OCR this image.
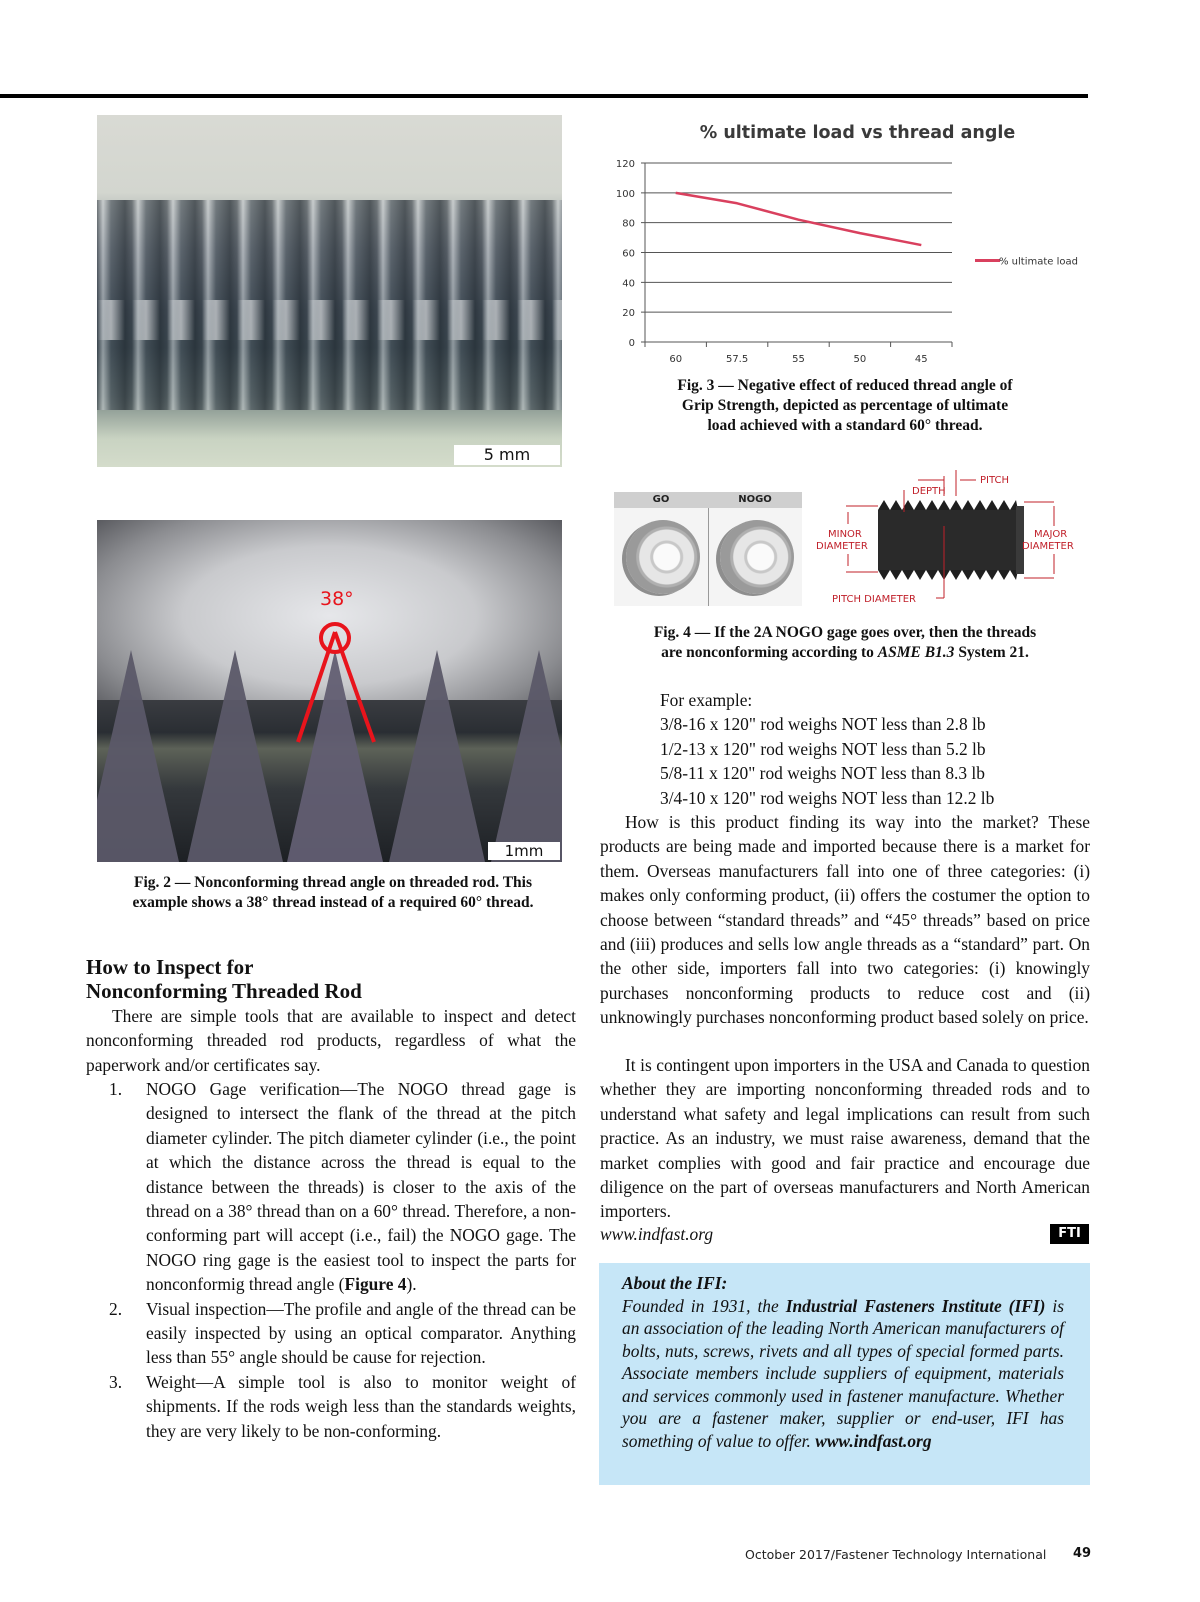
5 mm
38°
1mm
Fig. 2 — Nonconforming thread angle on threaded rod. This
example shows a 38° thread instead of a required 60° thread.
% ultimate load vs thread angle
0
20
40
60
80
100
120
60	57.5	55	50	45
% ultimate load
Fig. 3 — Negative effect of reduced thread angle of
Grip Strength, depicted as percentage of ultimate
load achieved with a standard 60° thread.
GO	NOGO
DEPTH
PITCH
MINOR
DIAMETER
MAJOR
DIAMETER
PITCH DIAMETER
Fig. 4 — If the 2A NOGO gage goes over, then the threads
are nonconforming according to ASME B1.3 System 21.
How to Inspect for
Nonconforming Threaded Rod
There are simple tools that are available to inspect and detect nonconforming threaded rod products, regardless of what the paperwork and/or certificates say.
1.	NOGO Gage verification—The NOGO thread gage is designed to intersect the flank of the thread at the pitch diameter cylinder. The pitch diameter cylinder (i.e., the point at which the distance across the thread is equal to the distance between the threads) is closer to the axis of the thread on a 38° thread than on a 60° thread. Therefore, a non-conforming part will accept (i.e., fail) the NOGO gage. The NOGO ring gage is the easiest tool to inspect the parts for nonconformig thread angle (Figure 4).
2.	Visual inspection—The profile and angle of the thread can be easily inspected by using an optical comparator. Anything less than 55° angle should be cause for rejection.
3.	Weight—A simple tool is also to monitor weight of shipments. If the rods weigh less than the standards weights, they are very likely to be non-conforming.
For example:
3/8-16 x 120" rod weighs NOT less than 2.8 lb
1/2-13 x 120" rod weighs NOT less than 5.2 lb
5/8-11 x 120" rod weighs NOT less than 8.3 lb
3/4-10 x 120" rod weighs NOT less than 12.2 lb
How is this product finding its way into the market? These products are being made and imported because there is a market for them. Overseas manufacturers fall into one of three categories: (i) makes only conforming product, (ii) offers the costumer the option to choose between “standard threads” and “45° threads” based on price and (iii) produces and sells low angle threads as a “standard” part. On the other side, importers fall into two categories: (i) knowingly purchases nonconforming products to reduce cost and (ii) unknowingly purchases nonconforming product based solely on price.
It is contingent upon importers in the USA and Canada to question whether they are importing nonconforming threaded rods and to understand what safety and legal implications can result from such practice. As an industry, we must raise awareness, demand that the market complies with good and fair practice and encourage due diligence on the part of overseas manufacturers and North American importers.
www.indfast.org	FTI
About the IFI:
Founded in 1931, the Industrial Fasteners Institute (IFI) is an association of the leading North American manufacturers of bolts, nuts, screws, rivets and all types of special formed parts. Associate members include suppliers of equipment, materials and services commonly used in fastener manufacture. Whether you are a fastener maker, supplier or end-user, IFI has something of value to offer. www.indfast.org
October 2017/Fastener Technology International 49
